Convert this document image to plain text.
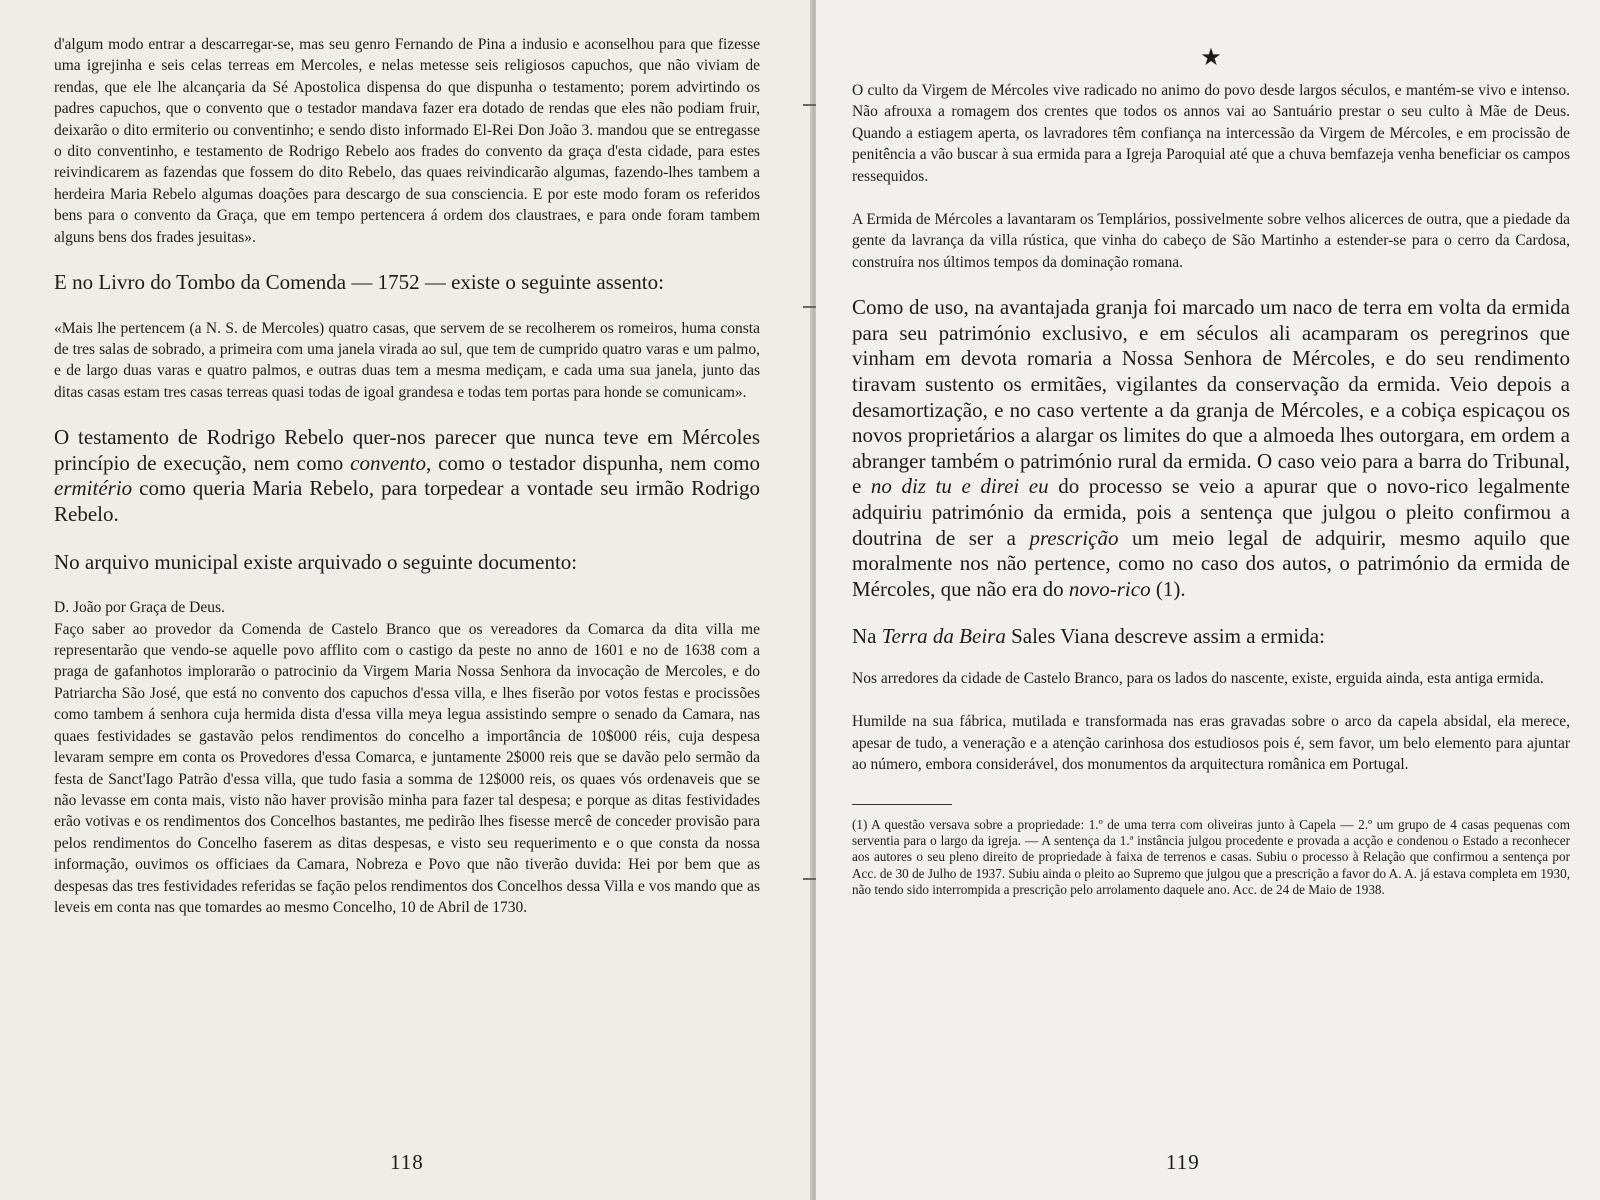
d'algum modo entrar a descarregar-se, mas seu genro Fernando de Pina a indusio e aconselhou para que fizesse uma igrejinha e seis celas terreas em Mercoles, e nelas metesse seis religiosos capuchos, que não viviam de rendas, que ele lhe alcançaria da Sé Apostolica dispensa do que dispunha o testamento; porem advirtindo os padres capuchos, que o convento que o testador mandava fazer era dotado de rendas que eles não podiam fruir, deixarão o dito ermiterio ou conventinho; e sendo disto informado El-Rei Don João 3. mandou que se entregasse o dito conventinho, e testamento de Rodrigo Rebelo aos frades do convento da graça d'esta cidade, para estes reivindicarem as fazendas que fossem do dito Rebelo, das quaes reivindicarão algumas, fazendo-lhes tambem a herdeira Maria Rebelo algumas doações para descargo de sua consciencia. E por este modo foram os referidos bens para o convento da Graça, que em tempo pertencera á ordem dos claustraes, e para onde foram tambem alguns bens dos frades jesuitas».

E no Livro do Tombo da Comenda — 1752 — existe o seguinte assento:

«Mais lhe pertencem (a N. S. de Mercoles) quatro casas, que servem de se recolherem os romeiros, huma consta de tres salas de sobrado, a primeira com uma janela virada ao sul, que tem de cumprido quatro varas e um palmo, e de largo duas varas e quatro palmos, e outras duas tem a mesma mediçam, e cada uma sua janela, junto das ditas casas estam tres casas terreas quasi todas de igoal grandesa e todas tem portas para honde se comunicam».

O testamento de Rodrigo Rebelo quer-nos parecer que nunca teve em Mércoles princípio de execução, nem como convento, como o testador dispunha, nem como ermitério como queria Maria Rebelo, para torpedear a vontade seu irmão Rodrigo Rebelo.

No arquivo municipal existe arquivado o seguinte documento:

D. João por Graça de Deus.

Faço saber ao provedor da Comenda de Castelo Branco que os vereadores da Comarca da dita villa me representarão que vendo-se aquelle povo afflito com o castigo da peste no anno de 1601 e no de 1638 com a praga de gafanhotos implorarão o patrocinio da Virgem Maria Nossa Senhora da invocação de Mercoles, e do Patriarcha São José, que está no convento dos capuchos d'essa villa, e lhes fiserão por votos festas e procissões como tambem á senhora cuja hermida dista d'essa villa meya legua assistindo sempre o senado da Camara, nas quaes festividades se gastavão pelos rendimentos do concelho a importância de 10$000 réis, cuja despesa levaram sempre em conta os Provedores d'essa Comarca, e juntamente 2$000 reis que se davão pelo sermão da festa de Sanct'Iago Patrão d'essa villa, que tudo fasia a somma de 12$000 reis, os quaes vós ordenaveis que se não levasse em conta mais, visto não haver provisão minha para fazer tal despesa; e porque as ditas festividades erão votivas e os rendimentos dos Concelhos bastantes, me pedirão lhes fisesse mercê de conceder provisão para pelos rendimentos do Concelho faserem as ditas despesas, e visto seu requerimento e o que consta da nossa informação, ouvimos os officiaes da Camara, Nobreza e Povo que não tiverão duvida: Hei por bem que as despesas das tres festividades referidas se façāo pelos rendimentos dos Concelhos dessa Villa e vos mando que as leveis em conta nas que tomardes ao mesmo Concelho, 10 de Abril de 1730.

118
★

O culto da Virgem de Mércoles vive radicado no animo do povo desde largos séculos, e mantém-se vivo e intenso. Não afrouxa a romagem dos crentes que todos os annos vai ao Santuário prestar o seu culto à Mãe de Deus. Quando a estiagem aperta, os lavradores têm confiança na intercessão da Virgem de Mércoles, e em procissão de penitência a vão buscar à sua ermida para a Igreja Paroquial até que a chuva bemfazeja venha beneficiar os campos ressequidos.

A Ermida de Mércoles a lavantaram os Templários, possivelmente sobre velhos alicerces de outra, que a piedade da gente da lavrança da villa rústica, que vinha do cabeço de São Martinho a estender-se para o cerro da Cardosa, construíra nos últimos tempos da dominação romana.

Como de uso, na avantajada granja foi marcado um naco de terra em volta da ermida para seu património exclusivo, e em séculos ali acamparam os peregrinos que vinham em devota romaria a Nossa Senhora de Mércoles, e do seu rendimento tiravam sustento os ermitães, vigilantes da conservação da ermida. Veio depois a desamortização, e no caso vertente a da granja de Mércoles, e a cobiça espicaçou os novos proprietários a alargar os limites do que a almoeda lhes outorgara, em ordem a abranger também o património rural da ermida. O caso veio para a barra do Tribunal, e no diz tu e direi eu do processo se veio a apurar que o novo-rico legalmente adquiriu património da ermida, pois a sentença que julgou o pleito confirmou a doutrina de ser a prescrição um meio legal de adquirir, mesmo aquilo que moralmente nos não pertence, como no caso dos autos, o património da ermida de Mércoles, que não era do novo-rico (1).

Na Terra da Beira Sales Viana descreve assim a ermida:

Nos arredores da cidade de Castelo Branco, para os lados do nascente, existe, erguida ainda, esta antiga ermida.

Humilde na sua fábrica, mutilada e transformada nas eras gravadas sobre o arco da capela absidal, ela merece, apesar de tudo, a veneração e a atenção carinhosa dos estudiosos pois é, sem favor, um belo elemento para ajuntar ao número, embora considerável, dos monumentos da arquitectura românica em Portugal.

(1) A questão versava sobre a propriedade: 1.º de uma terra com oliveiras junto à Capela — 2.º um grupo de 4 casas pequenas com serventia para o largo da igreja. — A sentença da 1.ª instância julgou procedente e provada a acção e condenou o Estado a reconhecer aos autores o seu pleno direito de propriedade à faixa de terrenos e casas. Subiu o processo à Relação que confirmou a sentença por Acc. de 30 de Julho de 1937. Subiu ainda o pleito ao Supremo que julgou que a prescrição a favor do A. A. já estava completa em 1930, não tendo sido interrompida a prescrição pelo arrolamento daquele ano. Acc. de 24 de Maio de 1938.

119
